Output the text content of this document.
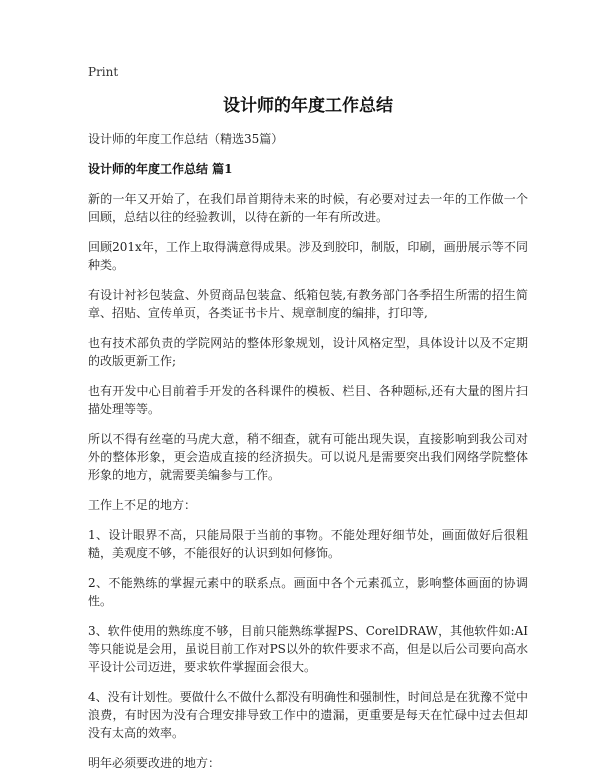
Print
设计师的年度工作总结

设计师的年度工作总结（精选35篇）

设计师的年度工作总结 篇1

新的一年又开始了，在我们昂首期待未来的时候，有必要对过去一年的工作做一个回顾，总结以往的经验教训，以待在新的一年有所改进。

回顾201x年，工作上取得满意得成果。涉及到胶印，制版，印刷，画册展示等不同种类。

有设计衬衫包装盒、外贸商品包装盒、纸箱包装,有教务部门各季招生所需的招生简章、招贴、宣传单页，各类证书卡片、规章制度的编排，打印等,

也有技术部负责的学院网站的整体形象规划，设计风格定型，具体设计以及不定期的改版更新工作;

也有开发中心目前着手开发的各科课件的模板、栏目、各种题标,还有大量的图片扫描处理等等。

所以不得有丝毫的马虎大意，稍不细查，就有可能出现失误，直接影响到我公司对外的整体形象，更会造成直接的经济损失。可以说凡是需要突出我们网络学院整体形象的地方，就需要美编参与工作。

工作上不足的地方：

1、设计眼界不高，只能局限于当前的事物。不能处理好细节处，画面做好后很粗糙，美观度不够，不能很好的认识到如何修饰。

2、不能熟练的掌握元素中的联系点。画面中各个元素孤立，影响整体画面的协调性。

3、软件使用的熟练度不够，目前只能熟练掌握PS、CorelDRAW，其他软件如:AI等只能说是会用，虽说目前工作对PS以外的软件要求不高，但是以后公司要向高水平设计公司迈进，要求软件掌握面会很大。

4、没有计划性。要做什么不做什么都没有明确性和强制性，时间总是在犹豫不觉中浪费，有时因为没有合理安排导致工作中的遗漏，更重要是每天在忙碌中过去但却没有太高的效率。

明年必须要改进的地方：
